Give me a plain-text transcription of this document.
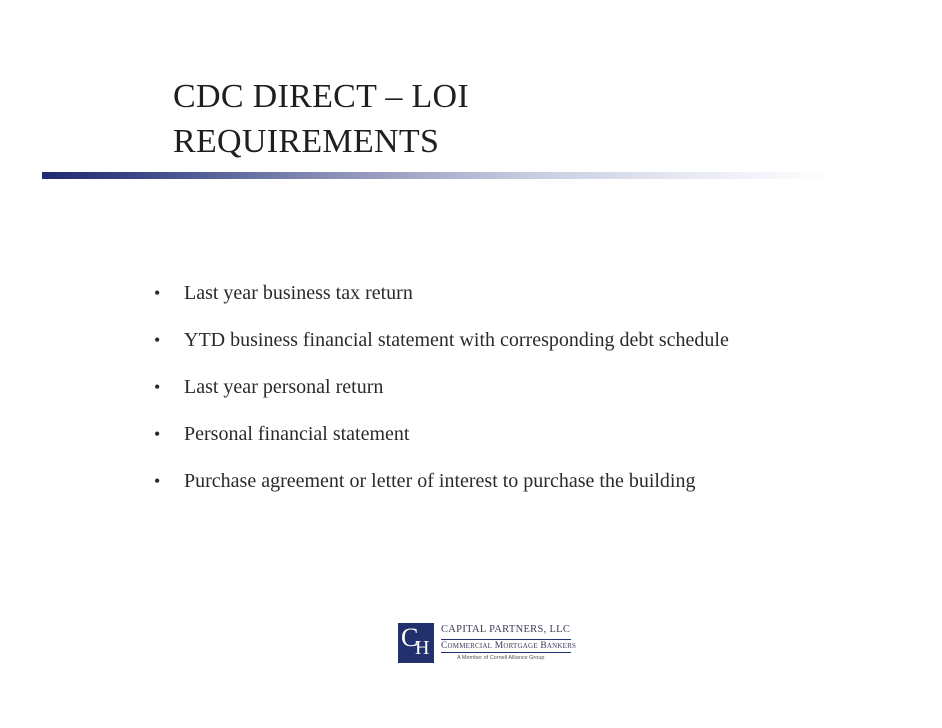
CDC DIRECT – LOI
REQUIREMENTS
• Last year business tax return
• YTD business financial statement with corresponding debt schedule
• Last year personal return
• Personal financial statement
• Purchase agreement or letter of interest to purchase the building
C
H
CAPITAL PARTNERS, LLC
Commercial Mortgage Bankers
A Member of Cornell Alliance Group
